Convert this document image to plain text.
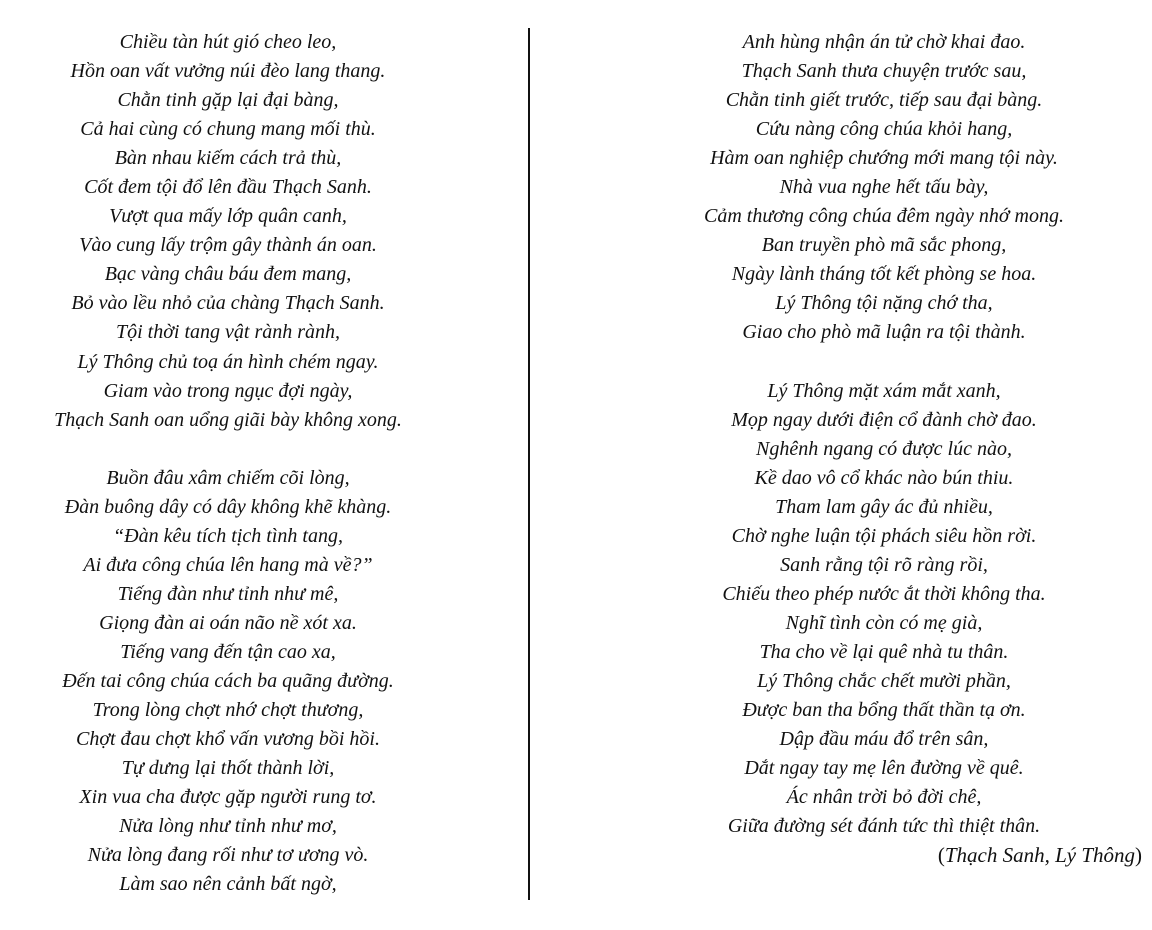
Chiều tàn hút gió cheo leo,
Hồn oan vất vưởng núi đèo lang thang.
Chằn tinh gặp lại đại bàng,
Cả hai cùng có chung mang mối thù.
Bàn nhau kiếm cách trả thù,
Cốt đem tội đổ lên đầu Thạch Sanh.
Vượt qua mấy lớp quân canh,
Vào cung lấy trộm gây thành án oan.
Bạc vàng châu báu đem mang,
Bỏ vào lều nhỏ của chàng Thạch Sanh.
Tội thời tang vật rành rành,
Lý Thông chủ toạ án hình chém ngay.
Giam vào trong ngục đợi ngày,
Thạch Sanh oan uổng giãi bày không xong.
Buồn đâu xâm chiếm cõi lòng,
Đàn buông dây có dây không khẽ khàng.
“Đàn kêu tích tịch tình tang,
Ai đưa công chúa lên hang mà về?”
Tiếng đàn như tỉnh như mê,
Giọng đàn ai oán não nề xót xa.
Tiếng vang đến tận cao xa,
Đến tai công chúa cách ba quãng đường.
Trong lòng chợt nhớ chợt thương,
Chợt đau chợt khổ vấn vương bồi hồi.
Tự dưng lại thốt thành lời,
Xin vua cha được gặp người rung tơ.
Nửa lòng như tỉnh như mơ,
Nửa lòng đang rối như tơ ương vò.
Làm sao nên cảnh bất ngờ,
Anh hùng nhận án tử chờ khai đao.
Thạch Sanh thưa chuyện trước sau,
Chằn tinh giết trước, tiếp sau đại bàng.
Cứu nàng công chúa khỏi hang,
Hàm oan nghiệp chướng mới mang tội này.
Nhà vua nghe hết tấu bày,
Cảm thương công chúa đêm ngày nhớ mong.
Ban truyền phò mã sắc phong,
Ngày lành tháng tốt kết phòng se hoa.
Lý Thông tội nặng chớ tha,
Giao cho phò mã luận ra tội thành.
Lý Thông mặt xám mắt xanh,
Mọp ngay dưới điện cổ đành chờ đao.
Nghênh ngang có được lúc nào,
Kề dao vô cổ khác nào bún thiu.
Tham lam gây ác đủ nhiều,
Chờ nghe luận tội phách siêu hồn rời.
Sanh rằng tội rõ ràng rồi,
Chiếu theo phép nước ắt thời không tha.
Nghĩ tình còn có mẹ già,
Tha cho về lại quê nhà tu thân.
Lý Thông chắc chết mười phần,
Được ban tha bổng thất thần tạ ơn.
Dập đầu máu đổ trên sân,
Dắt ngay tay mẹ lên đường về quê.
Ác nhân trời bỏ đời chê,
Giữa đường sét đánh tức thì thiệt thân.
(Thạch Sanh, Lý Thông)
